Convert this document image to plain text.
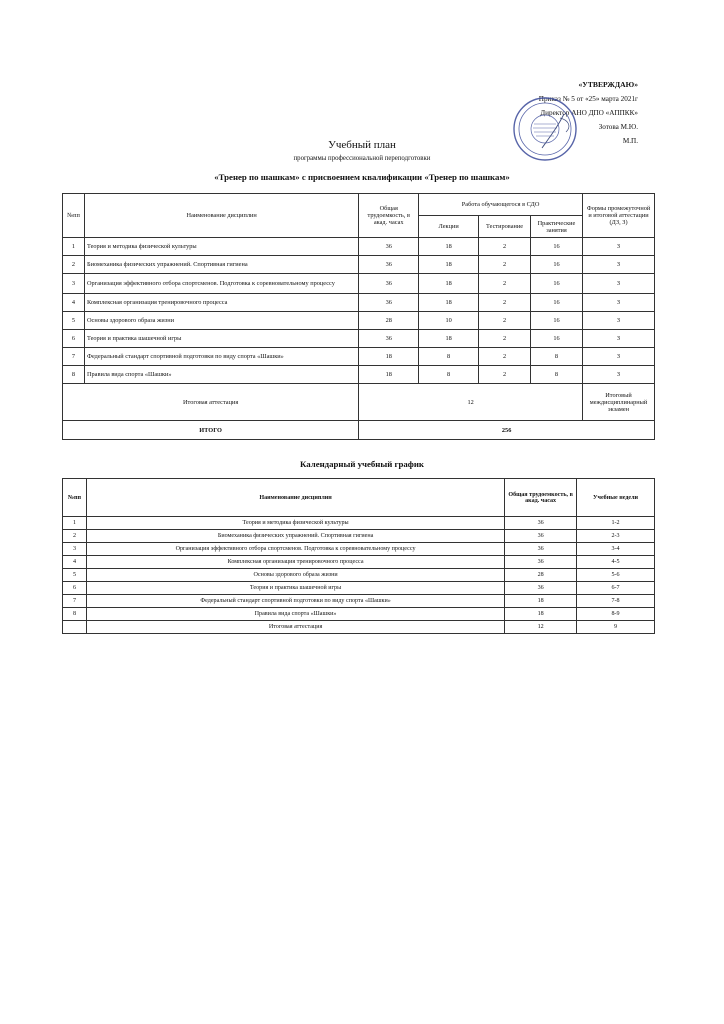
«УТВЕРЖДАЮ»
Приказ № 5 от «25» марта 2021г
Директор АНО ДПО «АППКК»
Зотова М.Ю.
М.П.
Учебный план
программы профессиональной переподготовки
«Тренер по шашкам» с присвоением квалификации «Тренер по шашкам»
№пп	Наименование дисциплин	Общая трудоемкость, в акад. часах	Работа обучающегося в СДО			Формы промежуточной и итоговой аттестации (ДЗ, З)
			Лекции	Тестирование	Практические занятия	
1	Теория и методика физической культуры	36	18	2	16	З
2	Биомеханика физических упражнений. Спортивная гигиена	36	18	2	16	З
3	Организация эффективного отбора спортсменов. Подготовка к соревновательному процессу	36	18	2	16	З
4	Комплексная организация тренировочного процесса	36	18	2	16	З
5	Основы здорового образа жизни	28	10	2	16	З
6	Теория и практика шашечной игры	36	18	2	16	З
7	Федеральный стандарт спортивной подготовки по виду спорта «Шашки»	18	8	2	8	З
8	Правила вида спорта «Шашки»	18	8	2	8	З
Итоговая аттестация		12				Итоговый междисциплинарный экзамен
ИТОГО		256				
Календарный учебный график
№пп	Наименование дисциплин	Общая трудоемкость, в акад. часах	Учебные недели
1	Теория и методика физической культуры	36	1-2
2	Биомеханика физических упражнений. Спортивная гигиена	36	2-3
3	Организация эффективного отбора спортсменов. Подготовка к соревновательному процессу	36	3-4
4	Комплексная организация тренировочного процесса	36	4-5
5	Основы здорового образа жизни	28	5-6
6	Теория и практика шашечной игры	36	6-7
7	Федеральный стандарт спортивной подготовки по виду спорта «Шашки»	18	7-8
8	Правила вида спорта «Шашки»	18	8-9
	Итоговая аттестация	12	9
